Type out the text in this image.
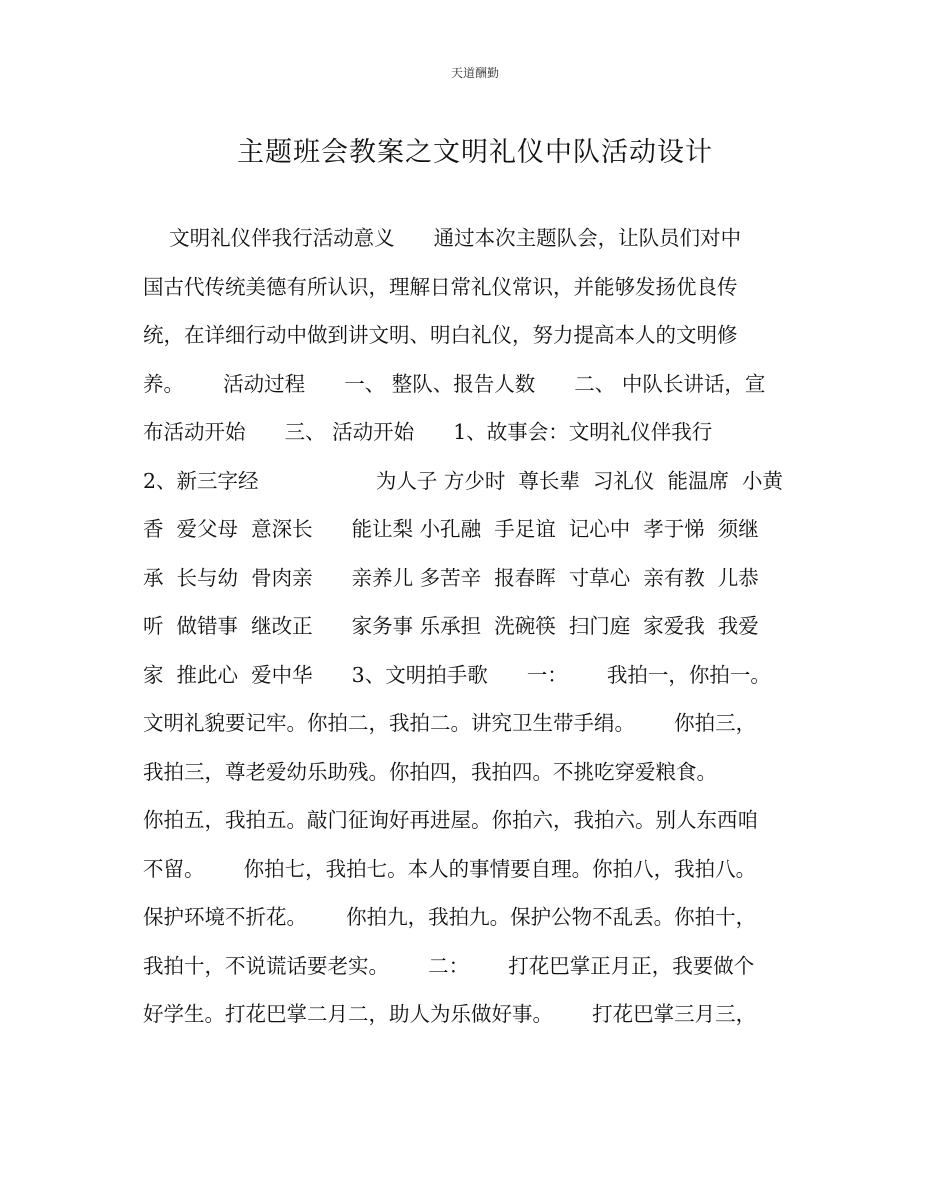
天道酬勤
主题班会教案之文明礼仪中队活动设计
文明礼仪伴我行活动意义      通过本次主题队会，让队员们对中
国古代传统美德有所认识，理解日常礼仪常识，并能够发扬优良传
统，在详细行动中做到讲文明、明白礼仪，努力提高本人的文明修
养。      活动过程      一、 整队、报告人数      二、 中队长讲话，宣
布活动开始      三、 活动开始      1、故事会：文明礼仪伴我行
2、新三字经                  为人子 方少时  尊长辈  习礼仪  能温席  小黄
香  爱父母  意深长      能让梨 小孔融  手足谊  记心中  孝于悌  须继
承  长与幼  骨肉亲      亲养儿 多苦辛  报春晖  寸草心  亲有教  儿恭
听  做错事  继改正      家务事 乐承担  洗碗筷  扫门庭  家爱我  我爱
家  推此心  爱中华      3、文明拍手歌      一：      我拍一，你拍一。
文明礼貌要记牢。你拍二，我拍二。讲究卫生带手绢。      你拍三，
我拍三，尊老爱幼乐助残。你拍四，我拍四。不挑吃穿爱粮食。
你拍五，我拍五。敲门征询好再进屋。你拍六，我拍六。别人东西咱
不留。      你拍七，我拍七。本人的事情要自理。你拍八，我拍八。
保护环境不折花。      你拍九，我拍九。保护公物不乱丢。你拍十，
我拍十，不说谎话要老实。      二：      打花巴掌正月正，我要做个
好学生。打花巴掌二月二，助人为乐做好事。      打花巴掌三月三，
